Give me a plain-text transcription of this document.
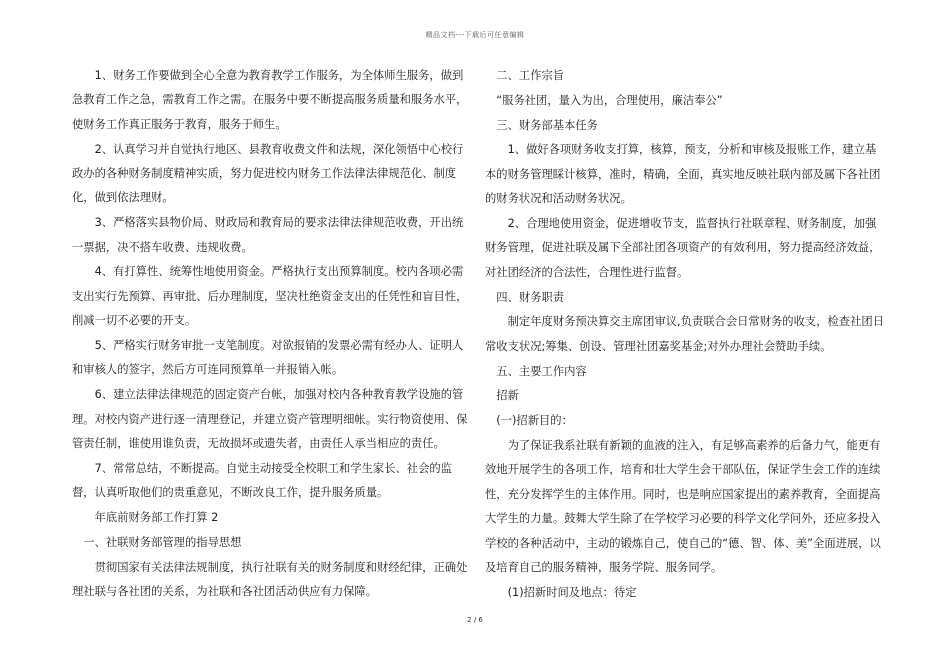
精品文档---下载后可任意编辑

1、财务工作要做到全心全意为教育教学工作服务，为全体师生服务，做到急教育工作之急，需教育工作之需。在服务中要不断提高服务质量和服务水平，使财务工作真正服务于教育，服务于师生。

2、认真学习并自觉执行地区、县教育收费文件和法规，深化领悟中心校行政办的各种财务制度精神实质，努力促进校内财务工作法律法律规范化、制度化，做到依法理财。

3、严格落实县物价局、财政局和教育局的要求法律法律规范收费，开出统一票据，决不搭车收费、违规收费。

4、有打算性、统筹性地使用资金。严格执行支出预算制度。校内各项必需支出实行先预算、再审批、后办理制度，坚决杜绝资金支出的任凭性和盲目性，削减一切不必要的开支。

5、严格实行财务审批一支笔制度。对欲报销的发票必需有经办人、证明人和审核人的签字，然后方可连同预算单一并报销入帐。

6、建立法律法律规范的固定资产台帐，加强对校内各种教育教学设施的管理。对校内资产进行逐一清理登记，并建立资产管理明细帐。实行物资使用、保管责任制，谁使用谁负责，无故损坏或遗失者，由责任人承当相应的责任。

7、常常总结，不断提高。自觉主动接受全校职工和学生家长、社会的监督，认真听取他们的贵重意见，不断改良工作，提升服务质量。

年底前财务部工作打算 2

一、社联财务部管理的指导思想

贯彻国家有关法律法规制度，执行社联有关的财务制度和财经纪律，正确处理社联与各社团的关系，为社联和各社团活动供应有力保障。

二、工作宗旨

“服务社团，量入为出，合理使用，廉洁奉公”

三、财务部基本任务

1、做好各项财务收支打算，核算，预支，分析和审核及报账工作，建立基本的财务管理睬计核算，准时，精确，全面，真实地反映社联内部及属下各社团的财务状况和活动财务状况。

2、合理地使用资金，促进增收节支，监督执行社联章程、财务制度，加强财务管理，促进社联及属下全部社团各项资产的有效利用，努力提高经济效益，对社团经济的合法性，合理性进行监督。

四、财务职责

制定年度财务预决算交主席团审议,负责联合会日常财务的收支，检查社团日常收支状况;筹集、创设、管理社团嘉奖基金;对外办理社会赞助手续。

五、主要工作内容

招新

(一)招新目的：

为了保证我系社联有新颖的血液的注入，有足够高素养的后备力气，能更有效地开展学生的各项工作，培育和壮大学生会干部队伍，保证学生会工作的连续性，充分发挥学生的主体作用。同时，也是响应国家提出的素养教育，全面提高大学生的力量。鼓舞大学生除了在学校学习必要的科学文化学问外，还应多投入学校的各种活动中，主动的锻炼自己，使自己的“德、智、体、美”全面进展，以及培育自己的服务精神，服务学院、服务同学。

(1)招新时间及地点：待定

2 / 6
